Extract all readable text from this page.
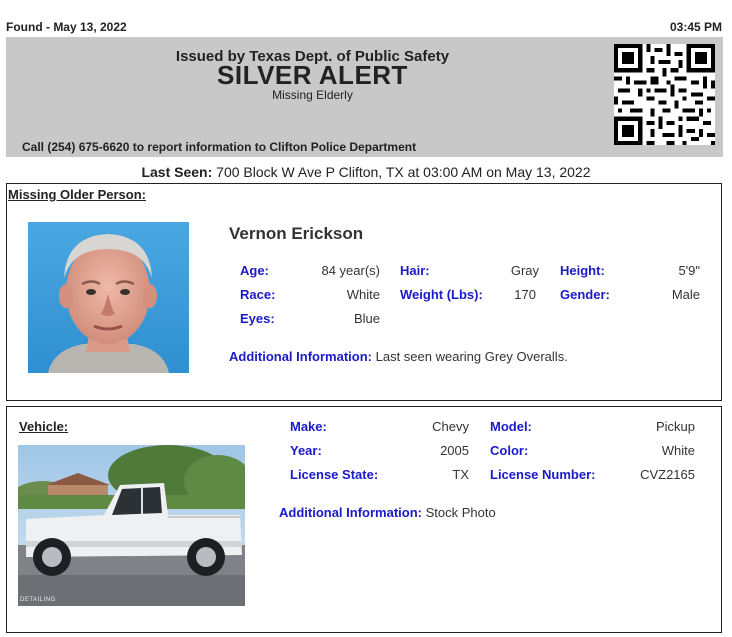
Found - May 13, 2022	03:45 PM
Issued by Texas Dept. of Public Safety
SILVER ALERT
Missing Elderly
Call (254) 675-6620 to report information to Clifton Police Department
Last Seen: 700 Block W Ave P Clifton, TX at 03:00 AM on May 13, 2022
Missing Older Person:
Vernon Erickson
Age:	84 year(s) Hair:	Gray Height:	5'9"
Race:	White Weight (Lbs):	170 Gender:	Male
Eyes:	Blue
Additional Information: Last seen wearing Grey Overalls.
Vehicle:
DETAILING
Make:	Chevy Model:	Pickup
Year:	2005 Color:	White
License State:	TX License Number:	CVZ2165
Additional Information: Stock Photo
